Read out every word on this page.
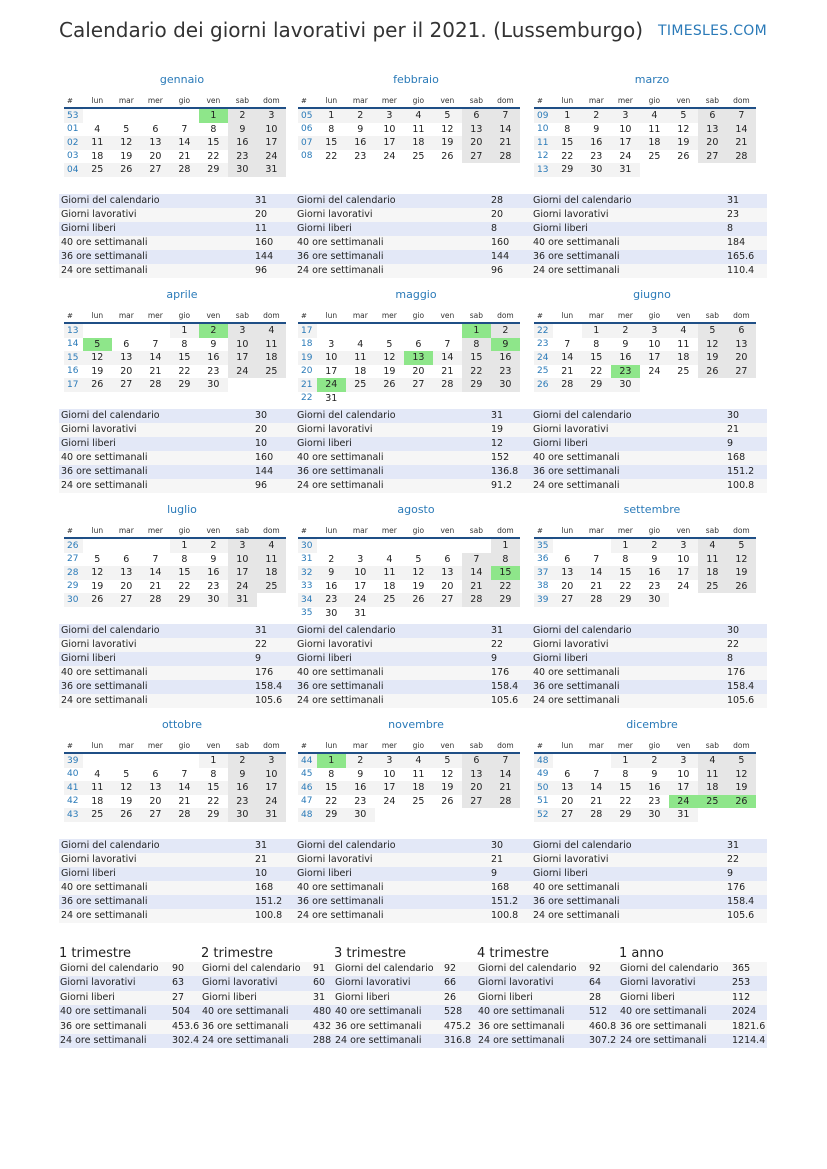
Calendario dei giorni lavorativi per il 2021. (Lussemburgo) TIMESLES.COM
gennaio
#	lun	mar	mer	gio	ven	sab	dom
53					1	2	3
01	4	5	6	7	8	9	10
02	11	12	13	14	15	16	17
03	18	19	20	21	22	23	24
04	25	26	27	28	29	30	31
Giorni del calendario	31
Giorni lavorativi	20
Giorni liberi	11
40 ore settimanali	160
36 ore settimanali	144
24 ore settimanali	96
febbraio
#	lun	mar	mer	gio	ven	sab	dom
05	1	2	3	4	5	6	7
06	8	9	10	11	12	13	14
07	15	16	17	18	19	20	21
08	22	23	24	25	26	27	28
Giorni del calendario	28
Giorni lavorativi	20
Giorni liberi	8
40 ore settimanali	160
36 ore settimanali	144
24 ore settimanali	96
marzo
#	lun	mar	mer	gio	ven	sab	dom
09	1	2	3	4	5	6	7
10	8	9	10	11	12	13	14
11	15	16	17	18	19	20	21
12	22	23	24	25	26	27	28
13	29	30	31				
Giorni del calendario	31
Giorni lavorativi	23
Giorni liberi	8
40 ore settimanali	184
36 ore settimanali	165.6
24 ore settimanali	110.4
aprile
#	lun	mar	mer	gio	ven	sab	dom
13				1	2	3	4
14	5	6	7	8	9	10	11
15	12	13	14	15	16	17	18
16	19	20	21	22	23	24	25
17	26	27	28	29	30		
Giorni del calendario	30
Giorni lavorativi	20
Giorni liberi	10
40 ore settimanali	160
36 ore settimanali	144
24 ore settimanali	96
maggio
#	lun	mar	mer	gio	ven	sab	dom
17						1	2
18	3	4	5	6	7	8	9
19	10	11	12	13	14	15	16
20	17	18	19	20	21	22	23
21	24	25	26	27	28	29	30
22	31						
Giorni del calendario	31
Giorni lavorativi	19
Giorni liberi	12
40 ore settimanali	152
36 ore settimanali	136.8
24 ore settimanali	91.2
giugno
#	lun	mar	mer	gio	ven	sab	dom
22		1	2	3	4	5	6
23	7	8	9	10	11	12	13
24	14	15	16	17	18	19	20
25	21	22	23	24	25	26	27
26	28	29	30				
Giorni del calendario	30
Giorni lavorativi	21
Giorni liberi	9
40 ore settimanali	168
36 ore settimanali	151.2
24 ore settimanali	100.8
luglio
#	lun	mar	mer	gio	ven	sab	dom
26				1	2	3	4
27	5	6	7	8	9	10	11
28	12	13	14	15	16	17	18
29	19	20	21	22	23	24	25
30	26	27	28	29	30	31	
Giorni del calendario	31
Giorni lavorativi	22
Giorni liberi	9
40 ore settimanali	176
36 ore settimanali	158.4
24 ore settimanali	105.6
agosto
#	lun	mar	mer	gio	ven	sab	dom
30							1
31	2	3	4	5	6	7	8
32	9	10	11	12	13	14	15
33	16	17	18	19	20	21	22
34	23	24	25	26	27	28	29
35	30	31					
Giorni del calendario	31
Giorni lavorativi	22
Giorni liberi	9
40 ore settimanali	176
36 ore settimanali	158.4
24 ore settimanali	105.6
settembre
#	lun	mar	mer	gio	ven	sab	dom
35			1	2	3	4	5
36	6	7	8	9	10	11	12
37	13	14	15	16	17	18	19
38	20	21	22	23	24	25	26
39	27	28	29	30			
Giorni del calendario	30
Giorni lavorativi	22
Giorni liberi	8
40 ore settimanali	176
36 ore settimanali	158.4
24 ore settimanali	105.6
ottobre
#	lun	mar	mer	gio	ven	sab	dom
39					1	2	3
40	4	5	6	7	8	9	10
41	11	12	13	14	15	16	17
42	18	19	20	21	22	23	24
43	25	26	27	28	29	30	31
Giorni del calendario	31
Giorni lavorativi	21
Giorni liberi	10
40 ore settimanali	168
36 ore settimanali	151.2
24 ore settimanali	100.8
novembre
#	lun	mar	mer	gio	ven	sab	dom
44	1	2	3	4	5	6	7
45	8	9	10	11	12	13	14
46	15	16	17	18	19	20	21
47	22	23	24	25	26	27	28
48	29	30					
Giorni del calendario	30
Giorni lavorativi	21
Giorni liberi	9
40 ore settimanali	168
36 ore settimanali	151.2
24 ore settimanali	100.8
dicembre
#	lun	mar	mer	gio	ven	sab	dom
48			1	2	3	4	5
49	6	7	8	9	10	11	12
50	13	14	15	16	17	18	19
51	20	21	22	23	24	25	26
52	27	28	29	30	31		
Giorni del calendario	31
Giorni lavorativi	22
Giorni liberi	9
40 ore settimanali	176
36 ore settimanali	158.4
24 ore settimanali	105.6
1 trimestre
Giorni del calendario 90
Giorni lavorativi	63
Giorni liberi	27
40 ore settimanali	504
36 ore settimanali	453.6
24 ore settimanali	302.4
2 trimestre
Giorni del calendario 91
Giorni lavorativi	60
Giorni liberi	31
40 ore settimanali	480
36 ore settimanali	432
24 ore settimanali	288
3 trimestre
Giorni del calendario 92
Giorni lavorativi	66
Giorni liberi	26
40 ore settimanali 528
36 ore settimanali 475.2
24 ore settimanali 316.8
4 trimestre
Giorni del calendario 92
Giorni lavorativi	64
Giorni liberi	28
40 ore settimanali	512
36 ore settimanali	460.8
24 ore settimanali	307.2
1 anno
Giorni del calendario 365
Giorni lavorativi	253
Giorni liberi	112
40 ore settimanali	2024
36 ore settimanali	1821.6
24 ore settimanali	1214.4
